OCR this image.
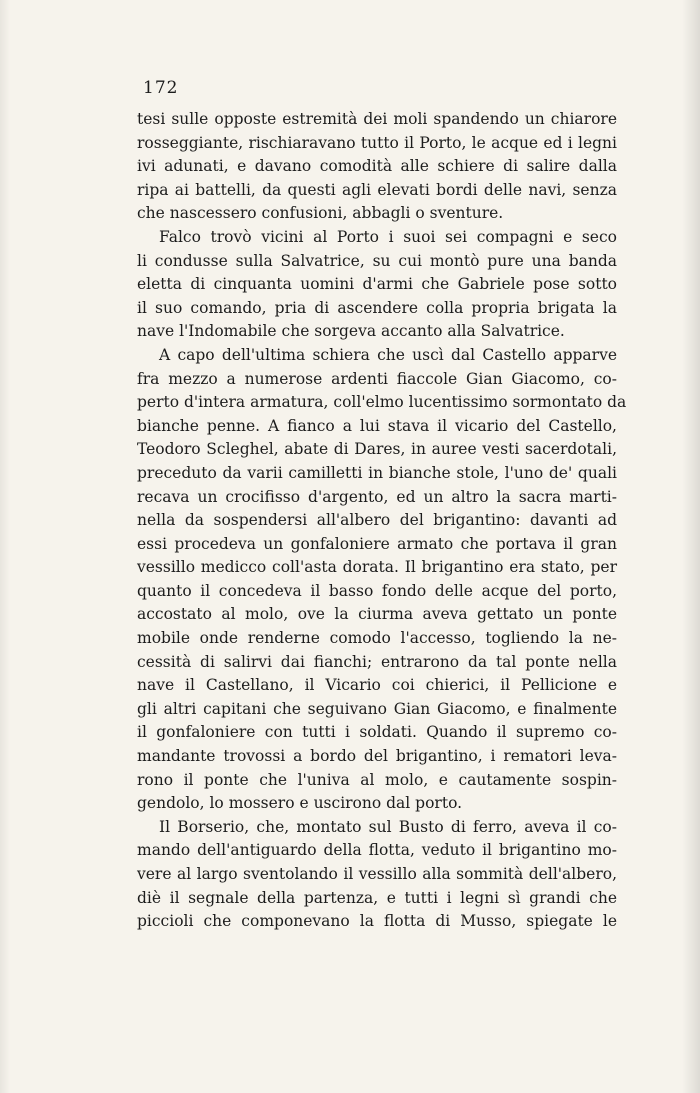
172
tesi sulle opposte estremità dei moli spandendo un chiarore
rosseggiante, rischiaravano tutto il Porto, le acque ed i legni
ivi adunati, e davano comodità alle schiere di salire dalla
ripa ai battelli, da questi agli elevati bordi delle navi, senza
che nascessero confusioni, abbagli o sventure.
Falco trovò vicini al Porto i suoi sei compagni e seco
li condusse sulla Salvatrice, su cui montò pure una banda
eletta di cinquanta uomini d'armi che Gabriele pose sotto
il suo comando, pria di ascendere colla propria brigata la
nave l'Indomabile che sorgeva accanto alla Salvatrice.
A capo dell'ultima schiera che uscì dal Castello apparve
fra mezzo a numerose ardenti fiaccole Gian Giacomo, co-
perto d'intera armatura, coll'elmo lucentissimo sormontato da
bianche penne. A fianco a lui stava il vicario del Castello,
Teodoro Scleghel, abate di Dares, in auree vesti sacerdotali,
preceduto da varii camilletti in bianche stole, l'uno de' quali
recava un crocifisso d'argento, ed un altro la sacra marti-
nella da sospendersi all'albero del brigantino: davanti ad
essi procedeva un gonfaloniere armato che portava il gran
vessillo medicco coll'asta dorata. Il brigantino era stato, per
quanto il concedeva il basso fondo delle acque del porto,
accostato al molo, ove la ciurma aveva gettato un ponte
mobile onde renderne comodo l'accesso, togliendo la ne-
cessità di salirvi dai fianchi; entrarono da tal ponte nella
nave il Castellano, il Vicario coi chierici, il Pellicione e
gli altri capitani che seguivano Gian Giacomo, e finalmente
il gonfaloniere con tutti i soldati. Quando il supremo co-
mandante trovossi a bordo del brigantino, i rematori leva-
rono il ponte che l'univa al molo, e cautamente sospin-
gendolo, lo mossero e uscirono dal porto.
Il Borserio, che, montato sul Busto di ferro, aveva il co-
mando dell'antiguardo della flotta, veduto il brigantino mo-
vere al largo sventolando il vessillo alla sommità dell'albero,
diè il segnale della partenza, e tutti i legni sì grandi che
piccioli che componevano la flotta di Musso, spiegate le
